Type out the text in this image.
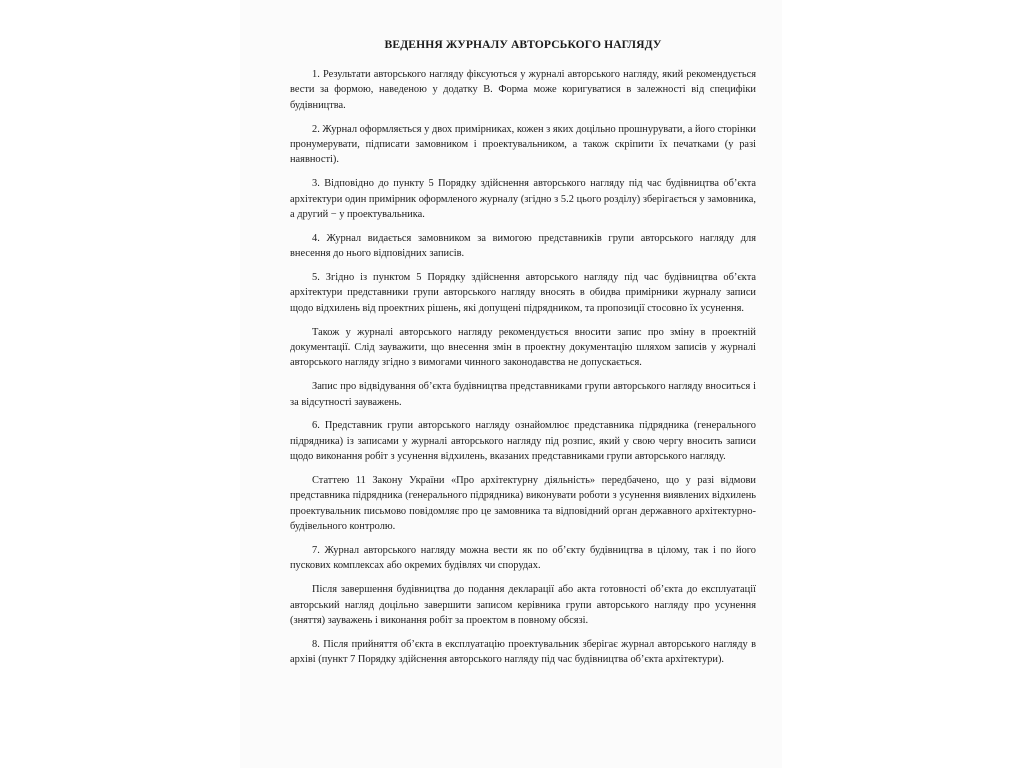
ВЕДЕННЯ ЖУРНАЛУ АВТОРСЬКОГО НАГЛЯДУ

1. Результати авторського нагляду фіксуються у журналі авторського нагляду, який рекомендується вести за формою, наведеною у додатку В. Форма може коригуватися в залежності від специфіки будівництва.

2. Журнал оформляється у двох примірниках, кожен з яких доцільно прошнурувати, а його сторінки пронумерувати, підписати замовником і проектувальником, а також скріпити їх печатками (у разі наявності).

3. Відповідно до пункту 5 Порядку здійснення авторського нагляду під час будівництва об’єкта архітектури один примірник оформленого журналу (згідно з 5.2 цього розділу) зберігається у замовника, а другий − у проектувальника.

4. Журнал видається замовником за вимогою представників групи авторського нагляду для внесення до нього відповідних записів.

5. Згідно із пунктом 5 Порядку здійснення авторського нагляду під час будівництва об’єкта архітектури представники групи авторського нагляду вносять в обидва примірники журналу записи щодо відхилень від проектних рішень, які допущені підрядником, та пропозиції стосовно їх усунення.

Також у журналі авторського нагляду рекомендується вносити запис про зміну в проектній документації. Слід зауважити, що внесення змін в проектну документацію шляхом записів у журналі авторського нагляду згідно з вимогами чинного законодавства не допускається.

Запис про відвідування об’єкта будівництва представниками групи авторського нагляду вноситься і за відсутності зауважень.

6. Представник групи авторського нагляду ознайомлює представника підрядника (генерального підрядника) із записами у журналі авторського нагляду під розпис, який у свою чергу вносить записи щодо виконання робіт з усунення відхилень, вказаних представниками групи авторського нагляду.

Статтею 11 Закону України «Про архітектурну діяльність» передбачено, що у разі відмови представника підрядника (генерального підрядника) виконувати роботи з усунення виявлених відхилень проектувальник письмово повідомляє про це замовника та відповідний орган державного архітектурно-будівельного контролю.

7. Журнал авторського нагляду можна вести як по об’єкту будівництва в цілому, так і по його пускових комплексах або окремих будівлях чи спорудах.

Після завершення будівництва до подання декларації або акта готовності об’єкта до експлуатації авторський нагляд доцільно завершити записом керівника групи авторського нагляду про усунення (зняття) зауважень і виконання робіт за проектом в повному обсязі.

8. Після прийняття об’єкта в експлуатацію проектувальник зберігає журнал авторського нагляду в архіві (пункт 7 Порядку здійснення авторського нагляду під час будівництва об’єкта архітектури).
